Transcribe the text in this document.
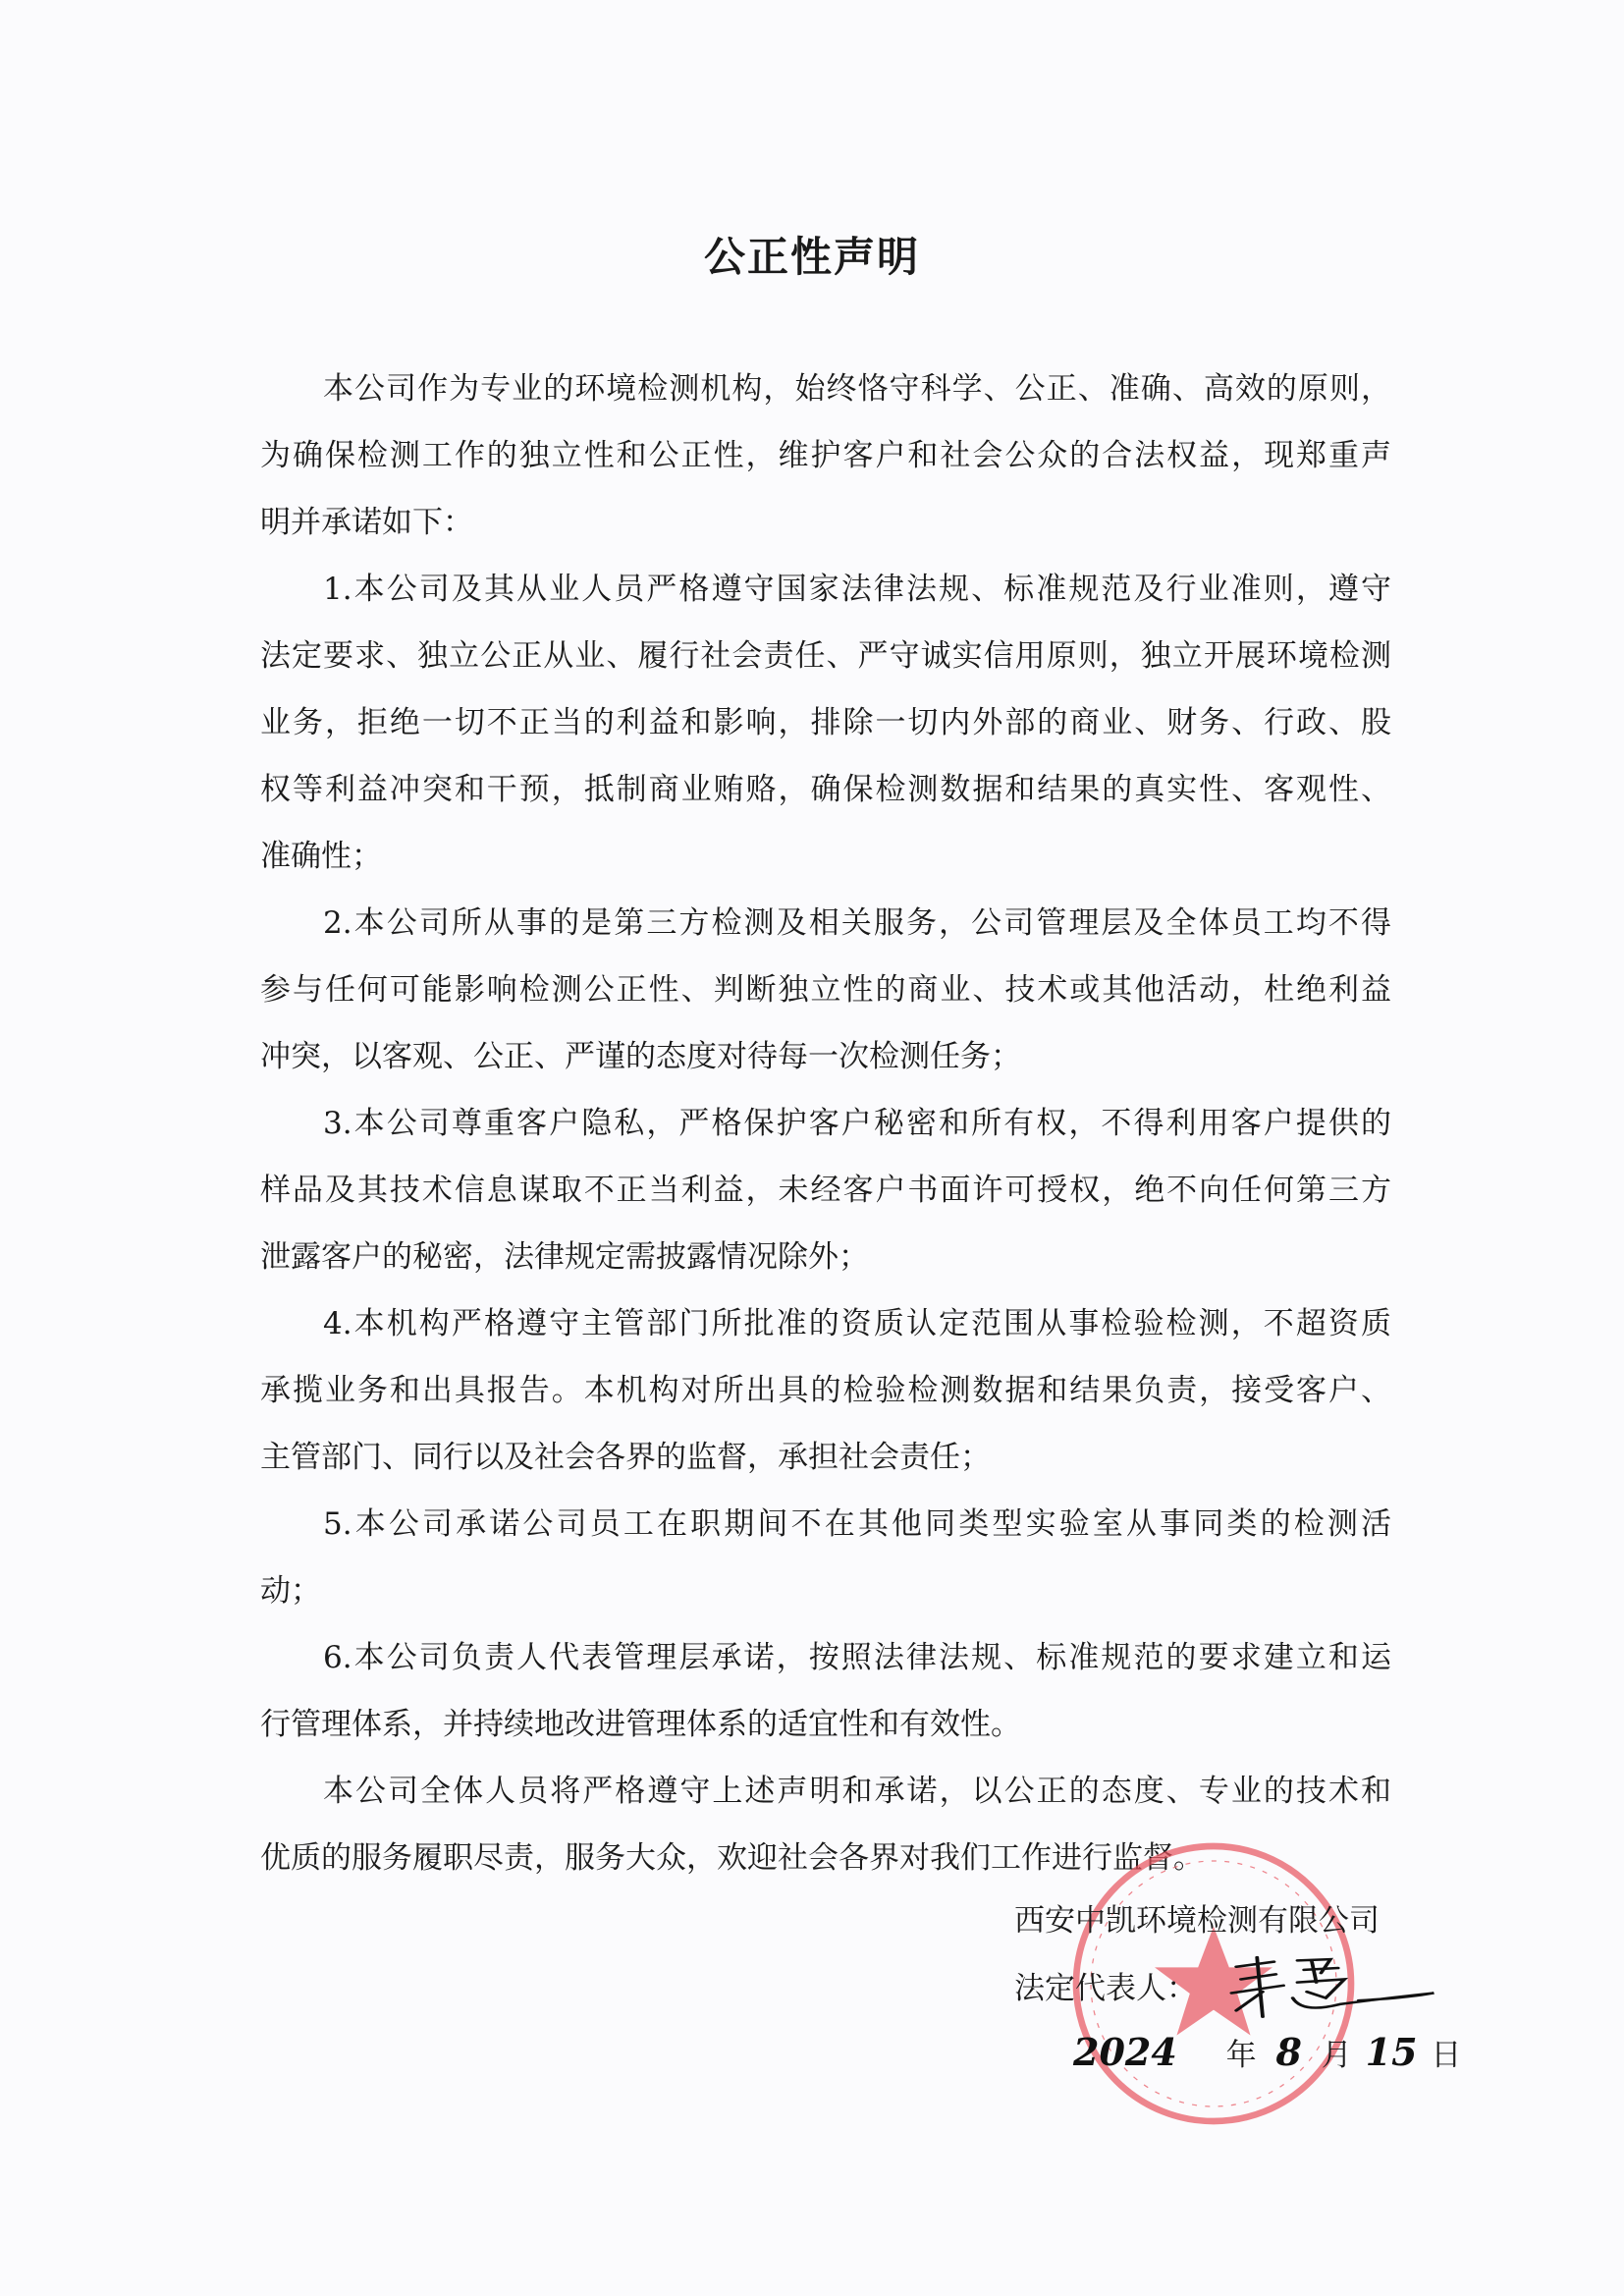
公正性声明
本公司作为专业的环境检测机构，始终恪守科学、公正、准确、高效的原则，
为确保检测工作的独立性和公正性，维护客户和社会公众的合法权益，现郑重声
明并承诺如下：
1.本公司及其从业人员严格遵守国家法律法规、标准规范及行业准则，遵守
法定要求、独立公正从业、履行社会责任、严守诚实信用原则，独立开展环境检测
业务，拒绝一切不正当的利益和影响，排除一切内外部的商业、财务、行政、股
权等利益冲突和干预，抵制商业贿赂，确保检测数据和结果的真实性、客观性、
准确性；
2.本公司所从事的是第三方检测及相关服务，公司管理层及全体员工均不得
参与任何可能影响检测公正性、判断独立性的商业、技术或其他活动，杜绝利益
冲突，以客观、公正、严谨的态度对待每一次检测任务；
3.本公司尊重客户隐私，严格保护客户秘密和所有权，不得利用客户提供的
样品及其技术信息谋取不正当利益，未经客户书面许可授权，绝不向任何第三方
泄露客户的秘密，法律规定需披露情况除外；
4.本机构严格遵守主管部门所批准的资质认定范围从事检验检测，不超资质
承揽业务和出具报告。本机构对所出具的检验检测数据和结果负责，接受客户、
主管部门、同行以及社会各界的监督，承担社会责任；
5.本公司承诺公司员工在职期间不在其他同类型实验室从事同类的检测活
动；
6.本公司负责人代表管理层承诺，按照法律法规、标准规范的要求建立和运
行管理体系，并持续地改进管理体系的适宜性和有效性。
本公司全体人员将严格遵守上述声明和承诺，以公正的态度、专业的技术和
优质的服务履职尽责，服务大众，欢迎社会各界对我们工作进行监督。
西安中凯环境检测有限公司
法定代表人：
2024 年 8 月 15 日
